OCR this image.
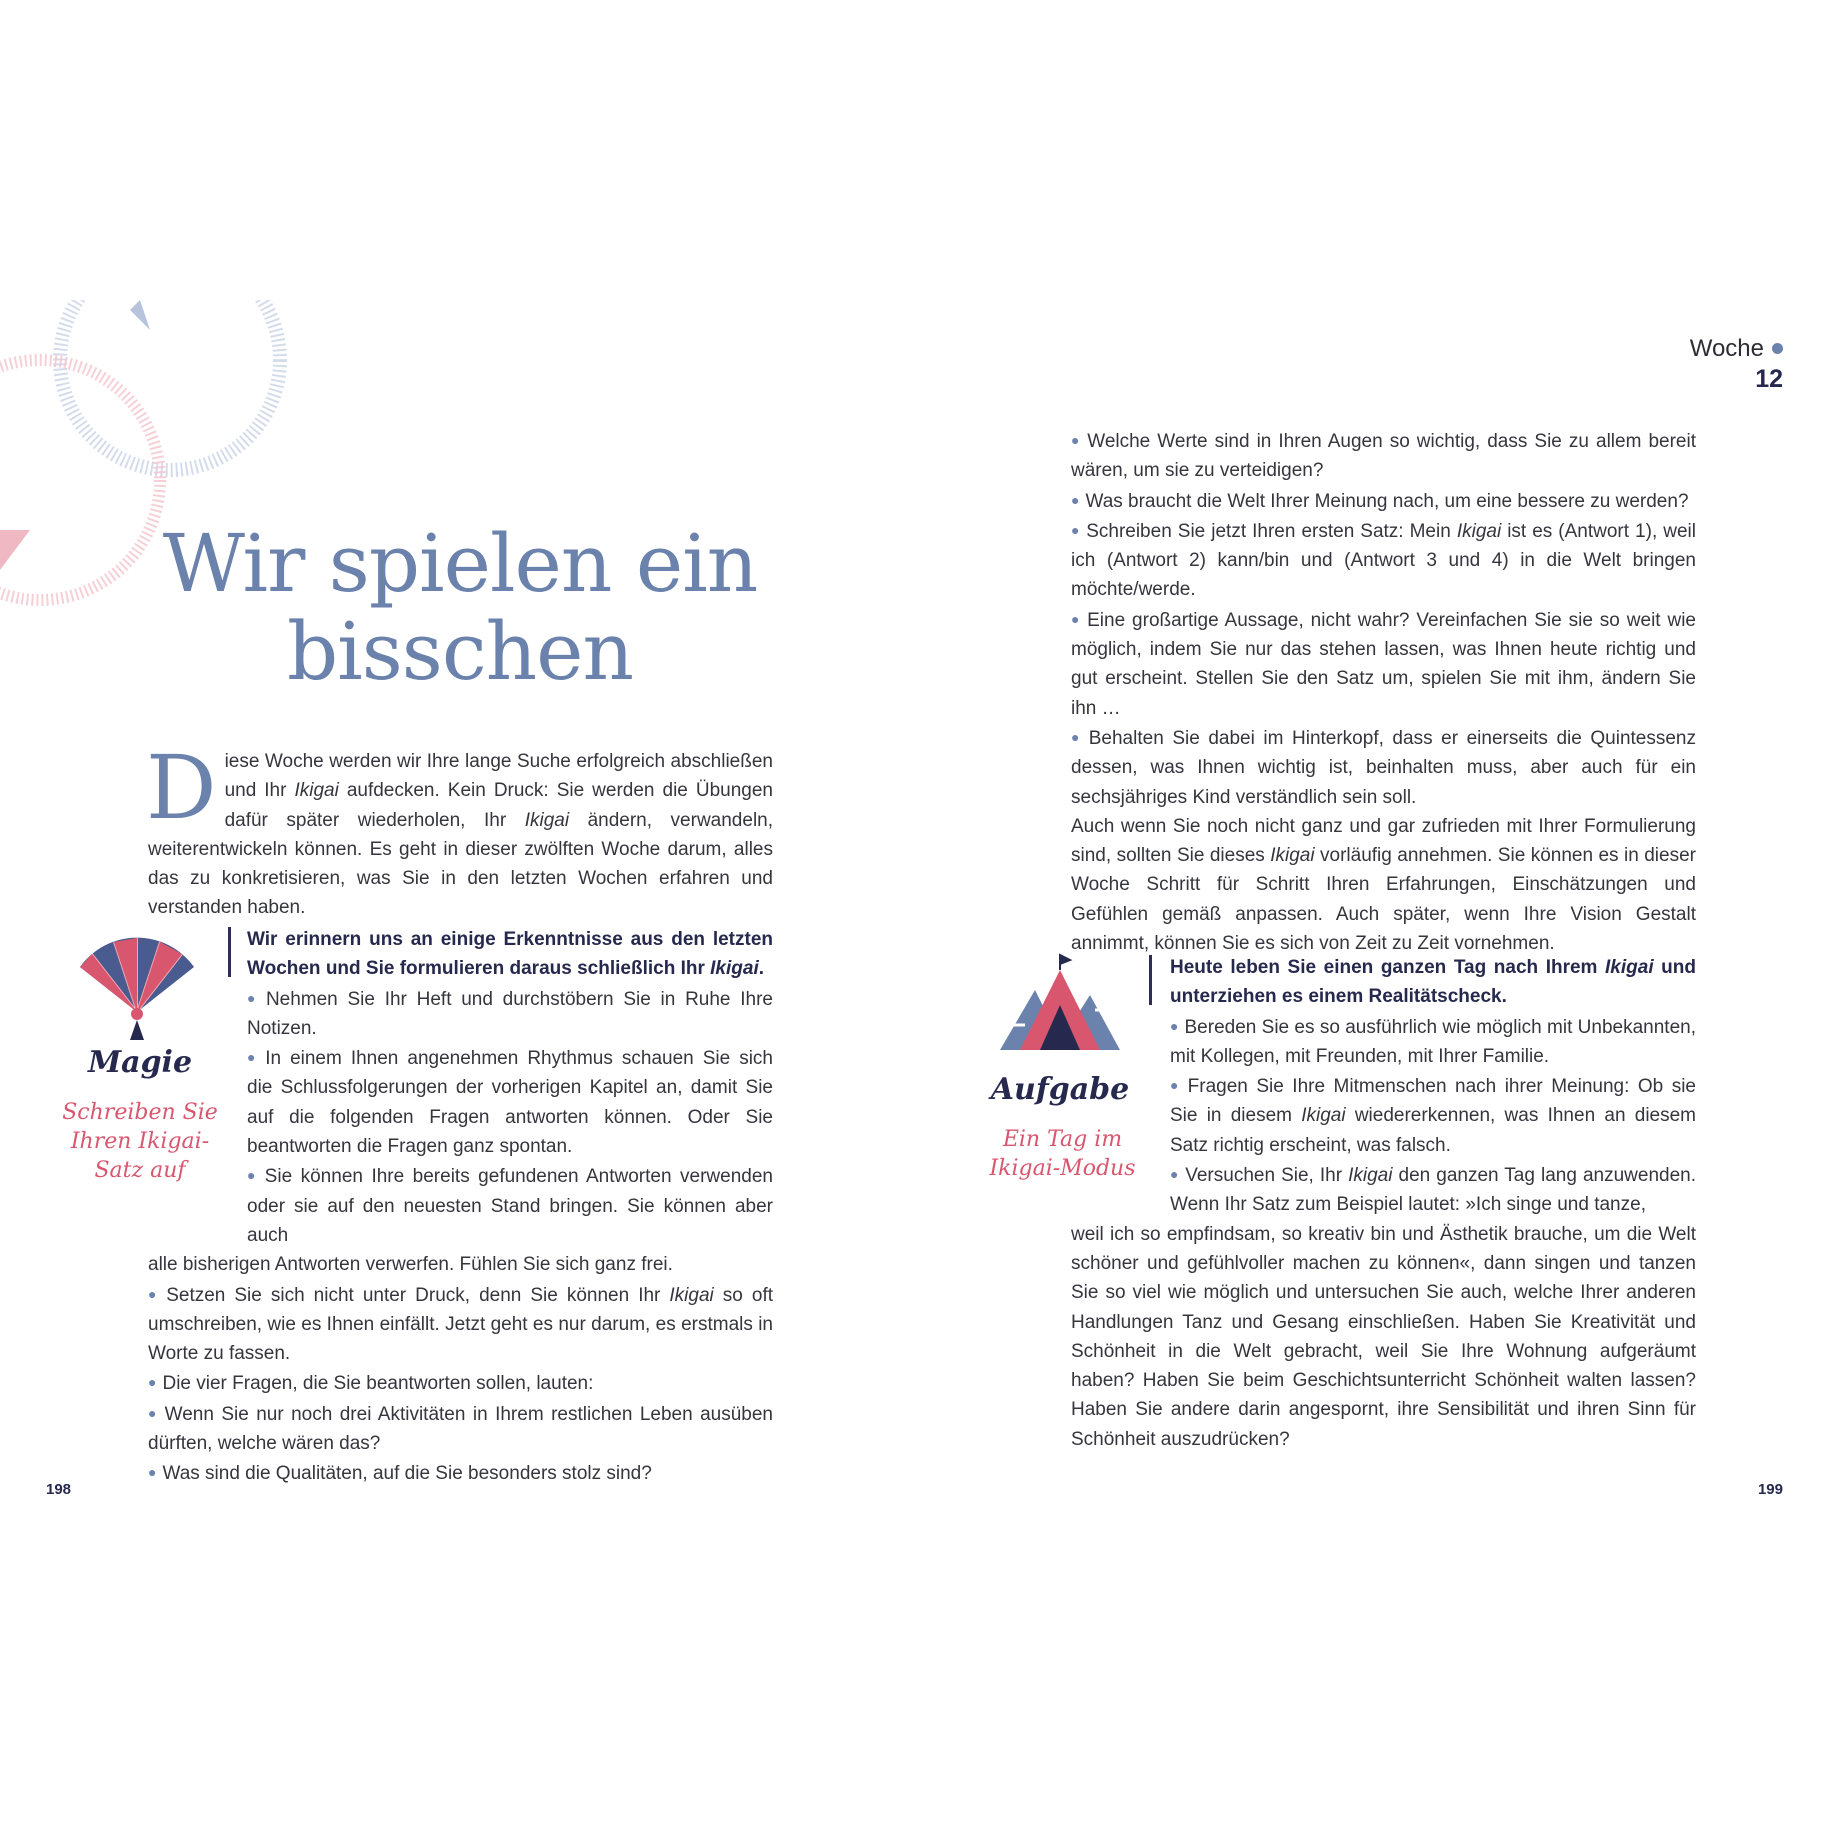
Wir spielen ein
bisschen
Diese Woche werden wir Ihre lange Suche erfolgreich abschließen und Ihr Ikigai aufdecken. Kein Druck: Sie werden die Übungen dafür später wiederholen, Ihr Ikigai ändern, verwandeln, weiterentwickeln können. Es geht in dieser zwölften Woche darum, alles das zu konkretisieren, was Sie in den letzten Wochen erfahren und verstanden haben.
Magie
Schreiben Sie
Ihren Ikigai-
Satz auf
Wir erinnern uns an einige Erkenntnisse aus den letzten Wochen und Sie formulieren daraus schließlich Ihr Ikigai.
● Nehmen Sie Ihr Heft und durchstöbern Sie in Ruhe Ihre Notizen.
● In einem Ihnen angenehmen Rhythmus schauen Sie sich die Schlussfolgerungen der vorherigen Kapitel an, damit Sie auf die folgenden Fragen antworten können. Oder Sie beantworten die Fragen ganz spontan.
● Sie können Ihre bereits gefundenen Antworten verwenden oder sie auf den neuesten Stand bringen. Sie können aber auch
alle bisherigen Antworten verwerfen. Fühlen Sie sich ganz frei.
● Setzen Sie sich nicht unter Druck, denn Sie können Ihr Ikigai so oft umschreiben, wie es Ihnen einfällt. Jetzt geht es nur darum, es erstmals in Worte zu fassen.
● Die vier Fragen, die Sie beantworten sollen, lauten:
● Wenn Sie nur noch drei Aktivitäten in Ihrem restlichen Leben ausüben dürften, welche wären das?
● Was sind die Qualitäten, auf die Sie besonders stolz sind?
198
Woche
12
● Welche Werte sind in Ihren Augen so wichtig, dass Sie zu allem bereit wären, um sie zu verteidigen?
● Was braucht die Welt Ihrer Meinung nach, um eine bessere zu werden?
● Schreiben Sie jetzt Ihren ersten Satz: Mein Ikigai ist es (Antwort 1), weil ich (Antwort 2) kann/bin und (Antwort 3 und 4) in die Welt bringen möchte/werde.
● Eine großartige Aussage, nicht wahr? Vereinfachen Sie sie so weit wie möglich, indem Sie nur das stehen lassen, was Ihnen heute richtig und gut erscheint. Stellen Sie den Satz um, spielen Sie mit ihm, ändern Sie ihn …
● Behalten Sie dabei im Hinterkopf, dass er einerseits die Quintessenz dessen, was Ihnen wichtig ist, beinhalten muss, aber auch für ein sechsjähriges Kind verständlich sein soll.
Auch wenn Sie noch nicht ganz und gar zufrieden mit Ihrer Formulierung sind, sollten Sie dieses Ikigai vorläufig annehmen. Sie können es in dieser Woche Schritt für Schritt Ihren Erfahrungen, Einschätzungen und Gefühlen gemäß anpassen. Auch später, wenn Ihre Vision Gestalt annimmt, können Sie es sich von Zeit zu Zeit vornehmen.
Aufgabe
Ein Tag im
Ikigai-Modus
Heute leben Sie einen ganzen Tag nach Ihrem Ikigai und unterziehen es einem Realitätscheck.
● Bereden Sie es so ausführlich wie möglich mit Unbekannten, mit Kollegen, mit Freunden, mit Ihrer Familie.
● Fragen Sie Ihre Mitmenschen nach ihrer Meinung: Ob sie Sie in diesem Ikigai wiedererkennen, was Ihnen an diesem Satz richtig erscheint, was falsch.
● Versuchen Sie, Ihr Ikigai den ganzen Tag lang anzuwenden. Wenn Ihr Satz zum Beispiel lautet: »Ich singe und tanze,
weil ich so empfindsam, so kreativ bin und Ästhetik brauche, um die Welt schöner und gefühlvoller machen zu können«, dann singen und tanzen Sie so viel wie möglich und untersuchen Sie auch, welche Ihrer anderen Handlungen Tanz und Gesang einschließen. Haben Sie Kreativität und Schönheit in die Welt gebracht, weil Sie Ihre Wohnung aufgeräumt haben? Haben Sie beim Geschichtsunterricht Schönheit walten lassen? Haben Sie andere darin angespornt, ihre Sensibilität und ihren Sinn für Schönheit auszudrücken?
199
